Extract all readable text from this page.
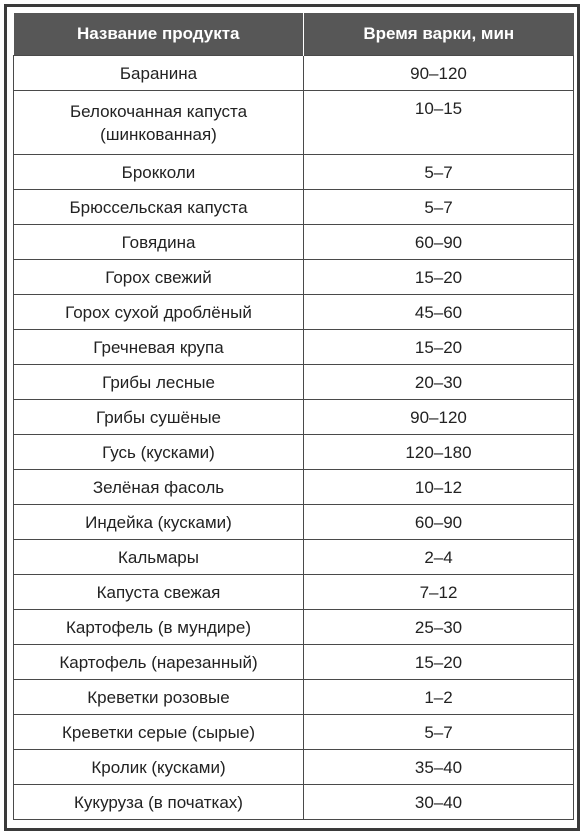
Название продукта	Время варки, мин
Баранина	90–120
Белокочанная капуста (шинкованная)	10–15
Брокколи	5–7
Брюссельская капуста	5–7
Говядина	60–90
Горох свежий	15–20
Горох сухой дроблёный	45–60
Гречневая крупа	15–20
Грибы лесные	20–30
Грибы сушёные	90–120
Гусь (кусками)	120–180
Зелёная фасоль	10–12
Индейка (кусками)	60–90
Кальмары	2–4
Капуста свежая	7–12
Картофель (в мундире)	25–30
Картофель (нарезанный)	15–20
Креветки розовые	1–2
Креветки серые (сырые)	5–7
Кролик (кусками)	35–40
Кукуруза (в початках)	30–40
